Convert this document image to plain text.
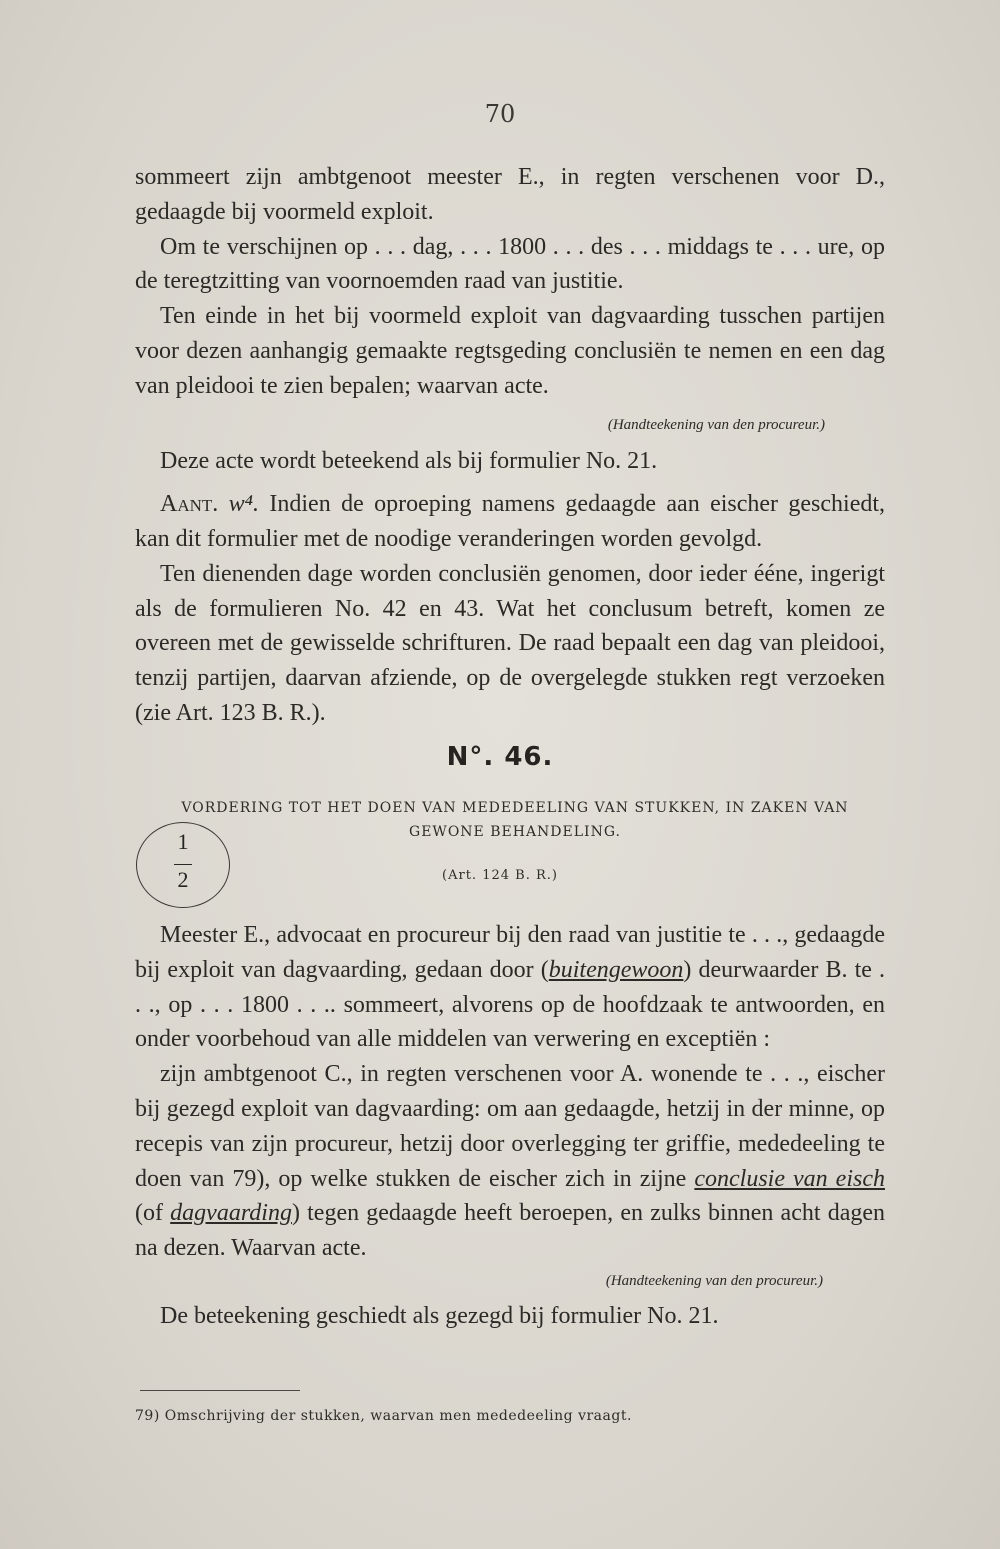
70

sommeert zijn ambtgenoot meester E., in regten verschenen voor D., gedaagde bij voormeld exploit.

Om te verschijnen op . . . dag, . . . 1800 . . . des . . . middags te . . . ure, op de teregtzitting van voornoemden raad van justitie.

Ten einde in het bij voormeld exploit van dagvaarding tusschen partijen voor dezen aanhangig gemaakte regtsgeding conclusiën te nemen en een dag van pleidooi te zien bepalen; waarvan acte.

(Handteekening van den procureur.)

Deze acte wordt beteekend als bij formulier No. 21.

Aant. w⁴. Indien de oproeping namens gedaagde aan eischer geschiedt, kan dit formulier met de noodige veranderingen worden gevolgd.

Ten dienenden dage worden conclusiën genomen, door ieder ééne, ingerigt als de formulieren No. 42 en 43. Wat het conclusum betreft, komen ze overeen met de gewisselde schrifturen. De raad bepaalt een dag van pleidooi, tenzij partijen, daarvan afziende, op de overgelegde stukken regt verzoeken (zie Art. 123 B. R.).

N°. 46.
VORDERING TOT HET DOEN VAN MEDEDEELING VAN STUKKEN, IN ZAKEN VAN GEWONE BEHANDELING.
(Art. 124 B. R.)
1
2

Meester E., advocaat en procureur bij den raad van justitie te . . ., gedaagde bij exploit van dagvaarding, gedaan door (buitengewoon) deurwaarder B. te . . ., op . . . 1800 . . .. sommeert, alvorens op de hoofdzaak te antwoorden, en onder voorbehoud van alle middelen van verwering en exceptiën :

zijn ambtgenoot C., in regten verschenen voor A. wonende te . . ., eischer bij gezegd exploit van dagvaarding: om aan gedaagde, hetzij in der minne, op recepis van zijn procureur, hetzij door overlegging ter griffie, mededeeling te doen van 79), op welke stukken de eischer zich in zijne conclusie van eisch (of dagvaarding) tegen gedaagde heeft beroepen, en zulks binnen acht dagen na dezen. Waarvan acte.

(Handteekening van den procureur.)

De beteekening geschiedt als gezegd bij formulier No. 21.

79) Omschrijving der stukken, waarvan men mededeeling vraagt.
